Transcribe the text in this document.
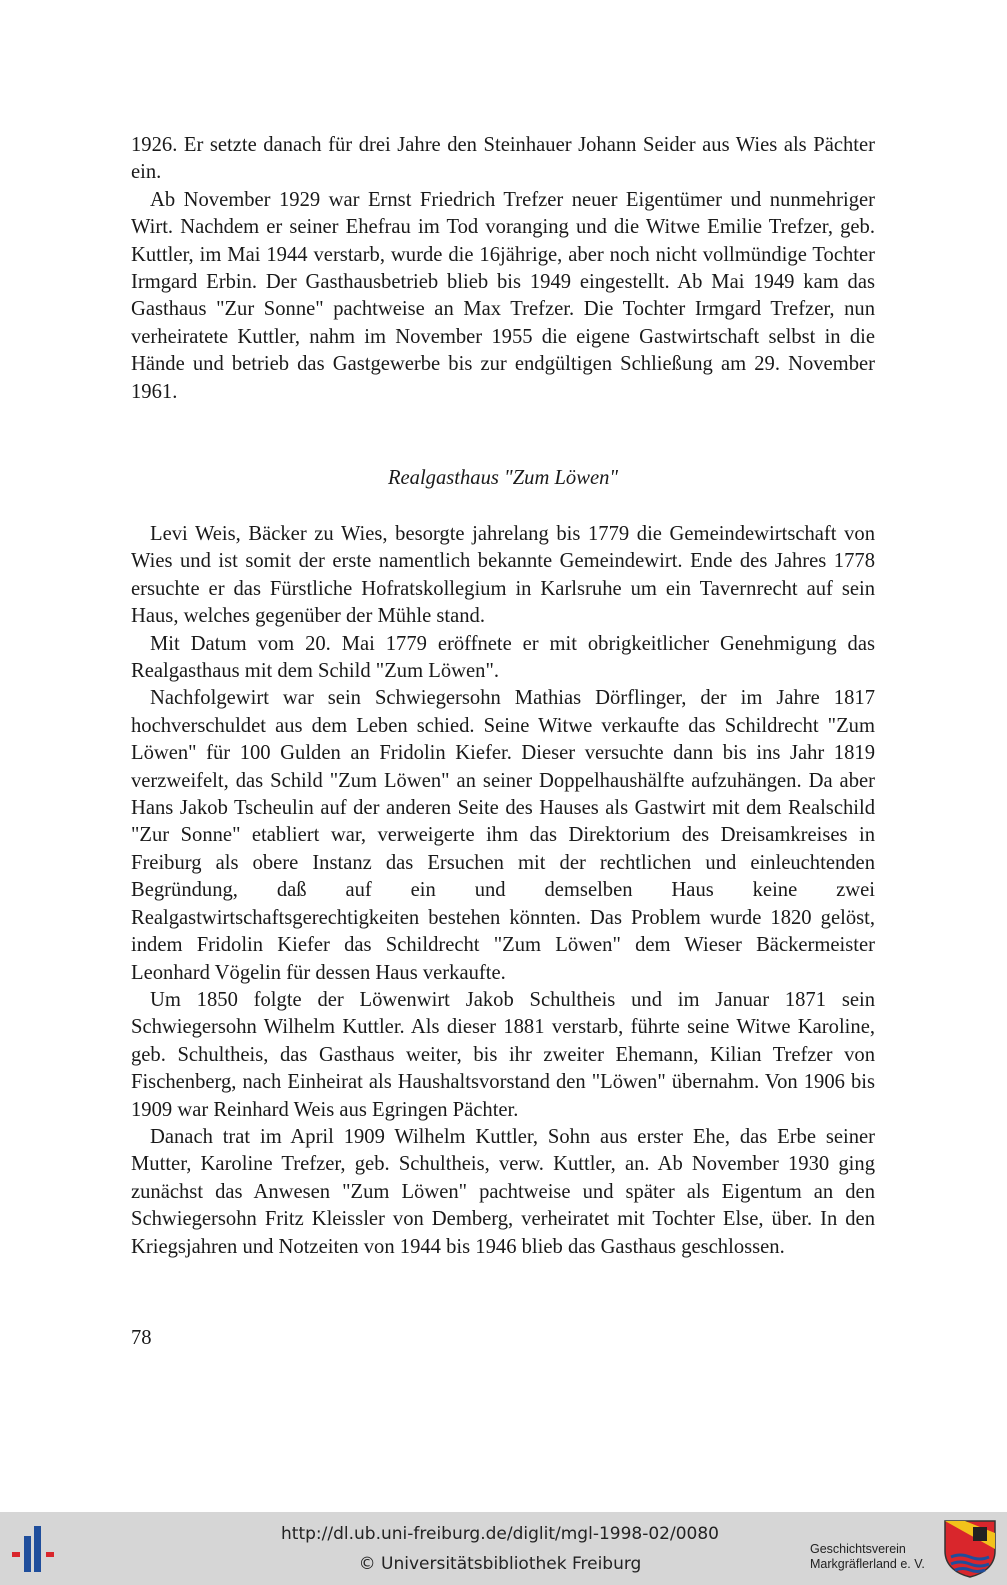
1926. Er setzte danach für drei Jahre den Steinhauer Johann Seider aus Wies als Pächter ein.

Ab November 1929 war Ernst Friedrich Trefzer neuer Eigentümer und nunmehriger Wirt. Nachdem er seiner Ehefrau im Tod voranging und die Witwe Emilie Trefzer, geb. Kuttler, im Mai 1944 verstarb, wurde die 16jährige, aber noch nicht vollmündige Tochter Irmgard Erbin. Der Gasthausbetrieb blieb bis 1949 eingestellt. Ab Mai 1949 kam das Gasthaus "Zur Sonne" pachtweise an Max Trefzer. Die Tochter Irmgard Trefzer, nun verheiratete Kuttler, nahm im November 1955 die eigene Gastwirtschaft selbst in die Hände und betrieb das Gastgewerbe bis zur endgültigen Schließung am 29. November 1961.

Realgasthaus "Zum Löwen"

Levi Weis, Bäcker zu Wies, besorgte jahrelang bis 1779 die Gemeindewirtschaft von Wies und ist somit der erste namentlich bekannte Gemeindewirt. Ende des Jahres 1778 ersuchte er das Fürstliche Hofratskollegium in Karlsruhe um ein Tavernrecht auf sein Haus, welches gegenüber der Mühle stand.

Mit Datum vom 20. Mai 1779 eröffnete er mit obrigkeitlicher Genehmigung das Realgasthaus mit dem Schild "Zum Löwen".

Nachfolgewirt war sein Schwiegersohn Mathias Dörflinger, der im Jahre 1817 hochverschuldet aus dem Leben schied. Seine Witwe verkaufte das Schildrecht "Zum Löwen" für 100 Gulden an Fridolin Kiefer. Dieser versuchte dann bis ins Jahr 1819 verzweifelt, das Schild "Zum Löwen" an seiner Doppelhaushälfte aufzuhängen. Da aber Hans Jakob Tscheulin auf der anderen Seite des Hauses als Gastwirt mit dem Realschild "Zur Sonne" etabliert war, verweigerte ihm das Direktorium des Dreisamkreises in Freiburg als obere Instanz das Ersuchen mit der rechtlichen und einleuchtenden Begründung, daß auf ein und demselben Haus keine zwei Realgastwirtschaftsgerechtigkeiten bestehen könnten. Das Problem wurde 1820 gelöst, indem Fridolin Kiefer das Schildrecht "Zum Löwen" dem Wieser Bäckermeister Leonhard Vögelin für dessen Haus verkaufte.

Um 1850 folgte der Löwenwirt Jakob Schultheis und im Januar 1871 sein Schwiegersohn Wilhelm Kuttler. Als dieser 1881 verstarb, führte seine Witwe Karoline, geb. Schultheis, das Gasthaus weiter, bis ihr zweiter Ehemann, Kilian Trefzer von Fischenberg, nach Einheirat als Haushaltsvorstand den "Löwen" übernahm. Von 1906 bis 1909 war Reinhard Weis aus Egringen Pächter.

Danach trat im April 1909 Wilhelm Kuttler, Sohn aus erster Ehe, das Erbe seiner Mutter, Karoline Trefzer, geb. Schultheis, verw. Kuttler, an. Ab November 1930 ging zunächst das Anwesen "Zum Löwen" pachtweise und später als Eigentum an den Schwiegersohn Fritz Kleissler von Demberg, verheiratet mit Tochter Else, über. In den Kriegsjahren und Notzeiten von 1944 bis 1946 blieb das Gasthaus geschlossen.

78
http://dl.ub.uni-freiburg.de/diglit/mgl-1998-02/0080
© Universitätsbibliothek Freiburg
Geschichtsverein
Markgräflerland e. V.
